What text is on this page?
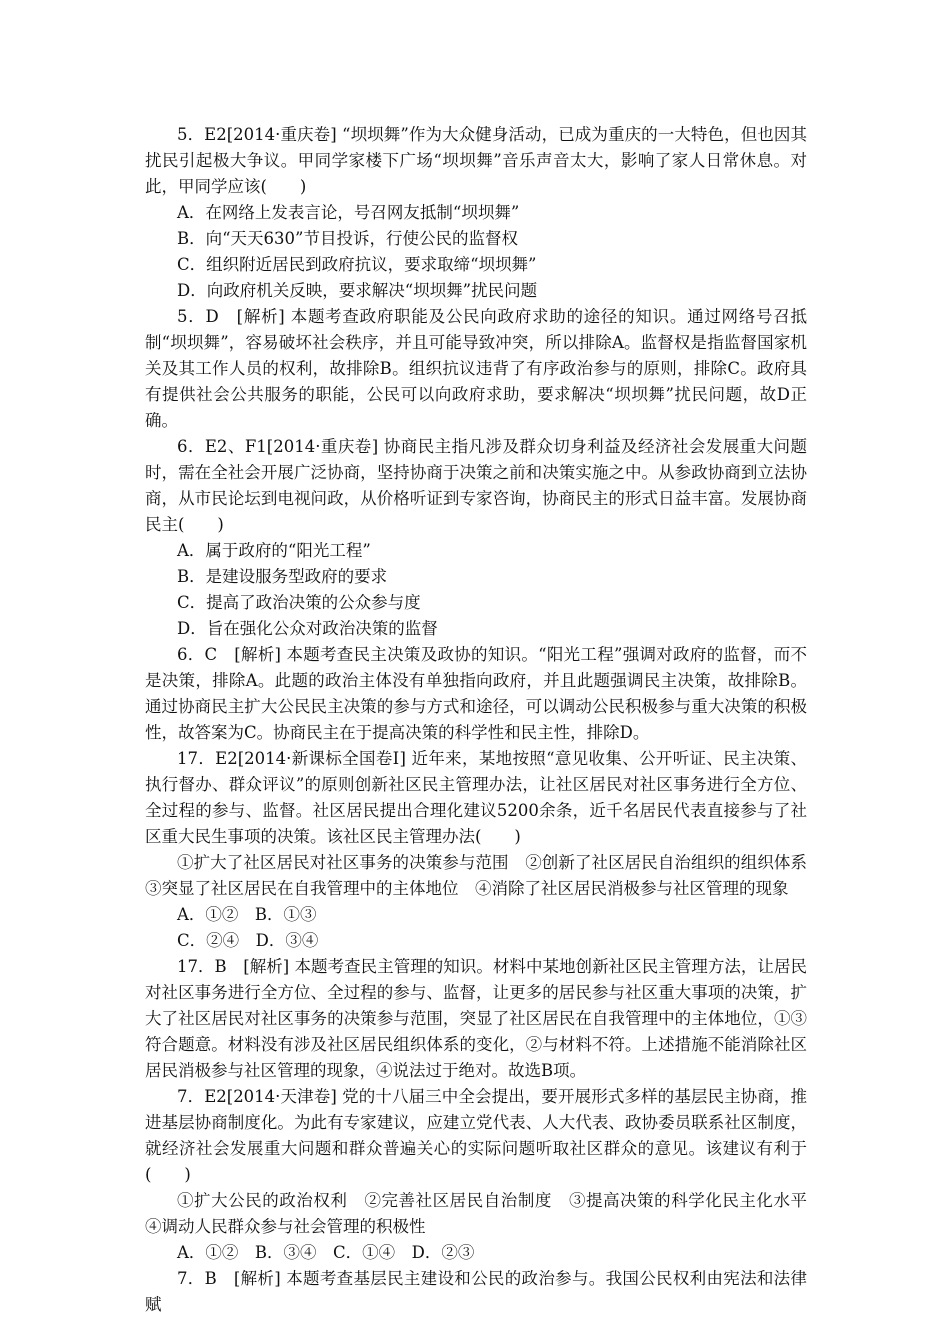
5．E2[2014·重庆卷] “坝坝舞”作为大众健身活动，已成为重庆的一大特色，但也因其扰民引起极大争议。甲同学家楼下广场“坝坝舞”音乐声音太大，影响了家人日常休息。对此，甲同学应该(　　)

A．在网络上发表言论，号召网友抵制“坝坝舞”

B．向“天天630”节目投诉，行使公民的监督权

C．组织附近居民到政府抗议，要求取缔“坝坝舞”

D．向政府机关反映，要求解决“坝坝舞”扰民问题

5．D　[解析] 本题考查政府职能及公民向政府求助的途径的知识。通过网络号召抵制“坝坝舞”，容易破坏社会秩序，并且可能导致冲突，所以排除A。监督权是指监督国家机关及其工作人员的权利，故排除B。组织抗议违背了有序政治参与的原则，排除C。政府具有提供社会公共服务的职能，公民可以向政府求助，要求解决“坝坝舞”扰民问题，故D正确。

6．E2、F1[2014·重庆卷] 协商民主指凡涉及群众切身利益及经济社会发展重大问题时，需在全社会开展广泛协商，坚持协商于决策之前和决策实施之中。从参政协商到立法协商，从市民论坛到电视问政，从价格听证到专家咨询，协商民主的形式日益丰富。发展协商民主(　　)

A．属于政府的“阳光工程”

B．是建设服务型政府的要求

C．提高了政治决策的公众参与度

D．旨在强化公众对政治决策的监督

6．C　[解析] 本题考查民主决策及政协的知识。“阳光工程”强调对政府的监督，而不是决策，排除A。此题的政治主体没有单独指向政府，并且此题强调民主决策，故排除B。通过协商民主扩大公民民主决策的参与方式和途径，可以调动公民积极参与重大决策的积极性，故答案为C。协商民主在于提高决策的科学性和民主性，排除D。

17．E2[2014·新课标全国卷Ⅰ] 近年来，某地按照“意见收集、公开听证、民主决策、执行督办、群众评议”的原则创新社区民主管理办法，让社区居民对社区事务进行全方位、全过程的参与、监督。社区居民提出合理化建议5200余条，近千名居民代表直接参与了社区重大民生事项的决策。该社区民主管理办法(　　)

①扩大了社区居民对社区事务的决策参与范围　②创新了社区居民自治组织的组织体系　③突显了社区居民在自我管理中的主体地位　④消除了社区居民消极参与社区管理的现象

A．①②　B．①③

C．②④　D．③④

17．B　[解析] 本题考查民主管理的知识。材料中某地创新社区民主管理方法，让居民对社区事务进行全方位、全过程的参与、监督，让更多的居民参与社区重大事项的决策，扩大了社区居民对社区事务的决策参与范围，突显了社区居民在自我管理中的主体地位，①③符合题意。材料没有涉及社区居民组织体系的变化，②与材料不符。上述措施不能消除社区居民消极参与社区管理的现象，④说法过于绝对。故选B项。

7．E2[2014·天津卷] 党的十八届三中全会提出，要开展形式多样的基层民主协商，推进基层协商制度化。为此有专家建议，应建立党代表、人大代表、政协委员联系社区制度，就经济社会发展重大问题和群众普遍关心的实际问题听取社区群众的意见。该建议有利于(　　)

①扩大公民的政治权利　②完善社区居民自治制度　③提高决策的科学化民主化水平　④调动人民群众参与社会管理的积极性

A．①②　B．③④　C．①④　D．②③

7．B　[解析] 本题考查基层民主建设和公民的政治参与。我国公民权利由宪法和法律赋
